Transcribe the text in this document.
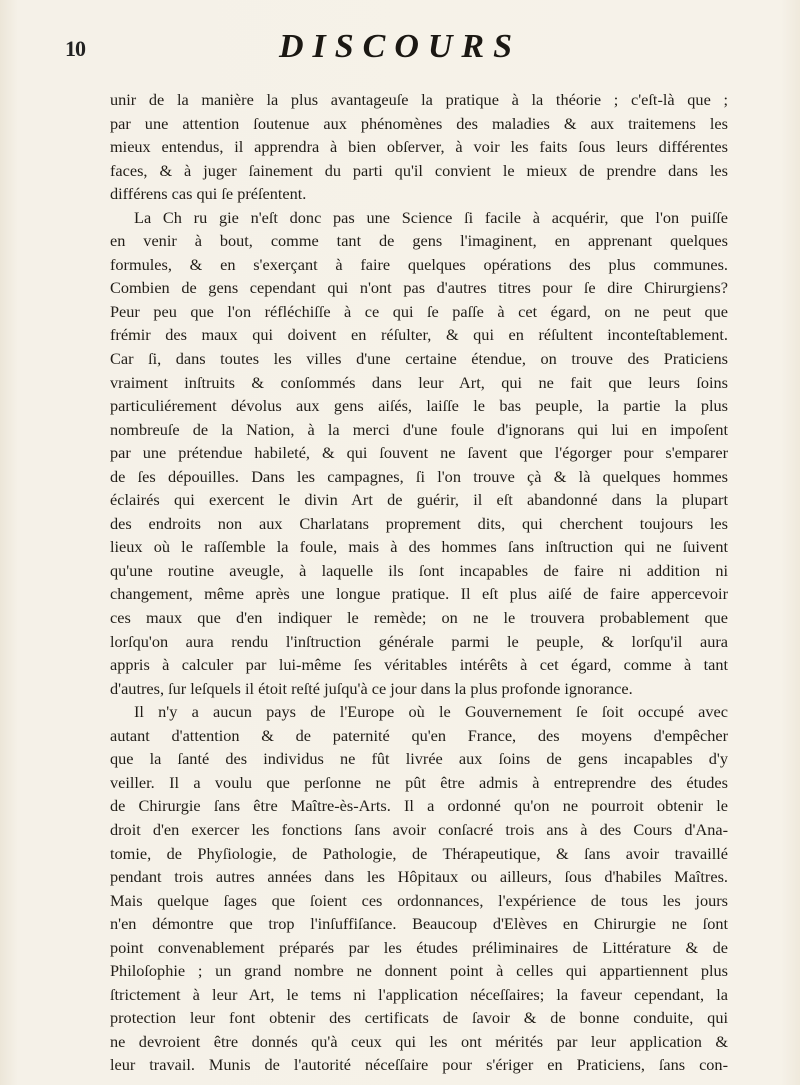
10	DISCOURS
unir de la manière la plus avantageuſe la pratique à la théorie ; c'eſt-là que ;
par une attention ſoutenue aux phénomènes des maladies & aux traitemens les
mieux entendus, il apprendra à bien obſerver, à voir les faits ſous leurs différentes
faces, & à juger ſainement du parti qu'il convient le mieux de prendre dans les
différens cas qui ſe préſentent.
La Ch ru gie n'eſt donc pas une Science ſi facile à acquérir, que l'on puiſſe
en venir à bout, comme tant de gens l'imaginent, en apprenant quelques
formules, & en s'exerçant à faire quelques opérations des plus communes.
Combien de gens cependant qui n'ont pas d'autres titres pour ſe dire Chirurgiens?
Peur peu que l'on réfléchiſſe à ce qui ſe paſſe à cet égard, on ne peut que
frémir des maux qui doivent en réſulter, & qui en réſultent inconteſtablement.
Car ſi, dans toutes les villes d'une certaine étendue, on trouve des Praticiens
vraiment inſtruits & conſommés dans leur Art, qui ne fait que leurs ſoins
particuliérement dévolus aux gens aiſés, laiſſe le bas peuple, la partie la plus
nombreuſe de la Nation, à la merci d'une foule d'ignorans qui lui en impoſent
par une prétendue habileté, & qui ſouvent ne ſavent que l'égorger pour s'emparer
de ſes dépouilles. Dans les campagnes, ſi l'on trouve çà & là quelques hommes
éclairés qui exercent le divin Art de guérir, il eſt abandonné dans la plupart
des endroits non aux Charlatans proprement dits, qui cherchent toujours les
lieux où le raſſemble la foule, mais à des hommes ſans inſtruction qui ne ſuivent
qu'une routine aveugle, à laquelle ils ſont incapables de faire ni addition ni
changement, même après une longue pratique. Il eſt plus aiſé de faire appercevoir
ces maux que d'en indiquer le remède; on ne le trouvera probablement que
lorſqu'on aura rendu l'inſtruction générale parmi le peuple, & lorſqu'il aura
appris à calculer par lui-même ſes véritables intérêts à cet égard, comme à tant
d'autres, ſur leſquels il étoit reſté juſqu'à ce jour dans la plus profonde ignorance.
Il n'y a aucun pays de l'Europe où le Gouvernement ſe ſoit occupé avec
autant d'attention & de paternité qu'en France, des moyens d'empêcher
que la ſanté des individus ne fût livrée aux ſoins de gens incapables d'y
veiller. Il a voulu que perſonne ne pût être admis à entreprendre des études
de Chirurgie ſans être Maître-ès-Arts. Il a ordonné qu'on ne pourroit obtenir le
droit d'en exercer les fonctions ſans avoir conſacré trois ans à des Cours d'Ana-
tomie, de Phyſiologie, de Pathologie, de Thérapeutique, & ſans avoir travaillé
pendant trois autres années dans les Hôpitaux ou ailleurs, ſous d'habiles Maîtres.
Mais quelque ſages que ſoient ces ordonnances, l'expérience de tous les jours
n'en démontre que trop l'inſuffiſance. Beaucoup d'Elèves en Chirurgie ne ſont
point convenablement préparés par les études préliminaires de Littérature & de
Philoſophie ; un grand nombre ne donnent point à celles qui appartiennent plus
ſtrictement à leur Art, le tems ni l'application néceſſaires; la faveur cependant, la
protection leur font obtenir des certificats de ſavoir & de bonne conduite, qui
ne devroient être donnés qu'à ceux qui les ont mérités par leur application &
leur travail. Munis de l'autorité néceſſaire pour s'ériger en Praticiens, ſans con-
